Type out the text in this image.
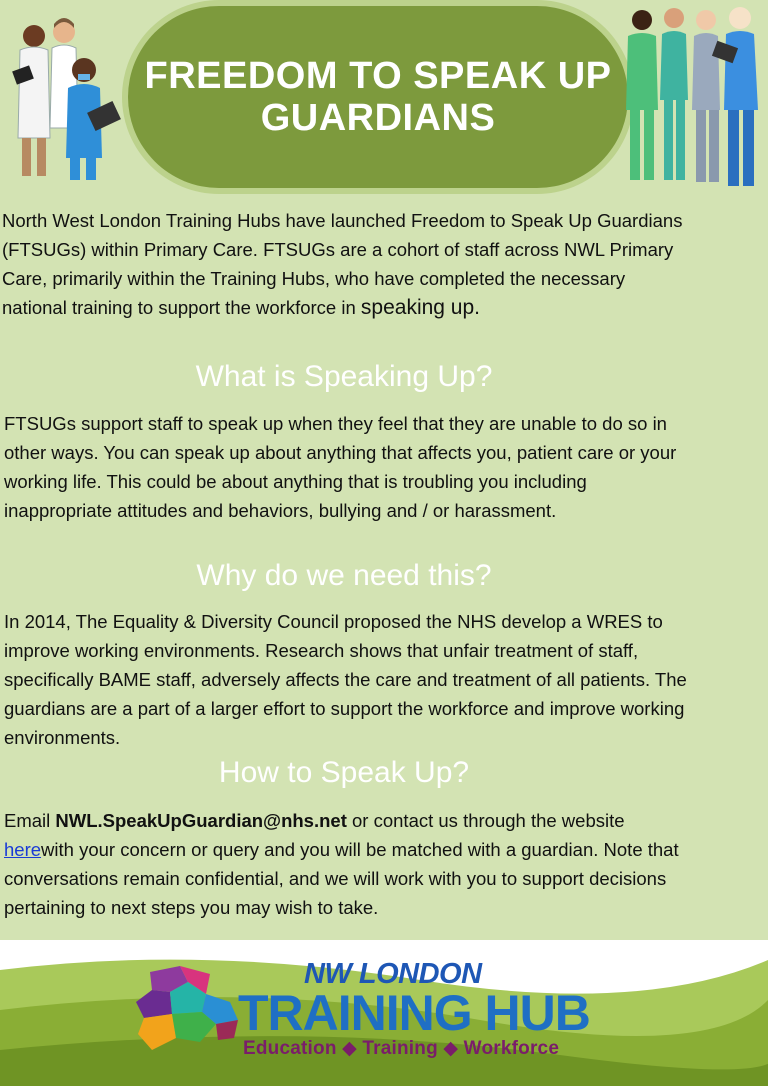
FREEDOM TO SPEAK UP
GUARDIANS

North West London Training Hubs have launched Freedom to Speak Up Guardians (FTSUGs) within Primary Care. FTSUGs are a cohort of staff across NWL Primary Care, primarily within the Training Hubs, who have completed the necessary national training to support the workforce in speaking up.

What is Speaking Up?

FTSUGs support staff to speak up when they feel that they are unable to do so in other ways. You can speak up about anything that affects you, patient care or your working life. This could be about anything that is troubling you including inappropriate attitudes and behaviors, bullying and / or harassment.

Why do we need this?

In 2014, The Equality & Diversity Council proposed the NHS develop a WRES to improve working environments. Research shows that unfair treatment of staff, specifically BAME staff, adversely affects the care and treatment of all patients. The guardians are a part of a larger effort to support the workforce and improve working environments.

How to Speak Up?

Email NWL.SpeakUpGuardian@nhs.net or contact us through the website herewith your concern or query and you will be matched with a guardian. Note that conversations remain confidential, and we will work with you to support decisions pertaining to next steps you may wish to take.

NW LONDON
TRAINING HUB
Education ◆ Training ◆ Workforce
